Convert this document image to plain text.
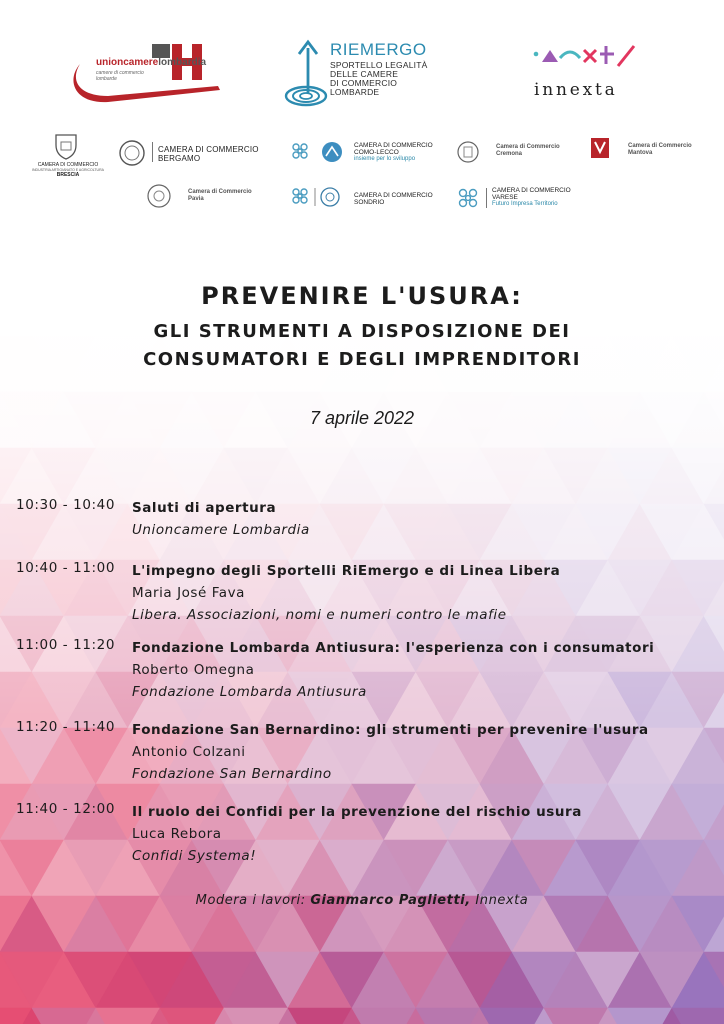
unioncamerelombardia
camere di commercio lombarde
RIEMERGO
SPORTELLO LEGALITÀ
DELLE CAMERE
DI COMMERCIO
LOMBARDE	innexta
CAMERA DI COMMERCIO
INDUSTRIA ARTIGIANATO E AGRICOLTURA
BRESCIA
CAMERA DI COMMERCIO
BERGAMO
CAMERA DI COMMERCIO
COMO-LECCO
insieme per lo sviluppo
Camera di Commercio
Cremona
Camera di Commercio
Mantova
Camera di Commercio
Pavia	CAMERA DI COMMERCIO
SONDRIO
CAMERA DI COMMERCIO
VARESE
Futuro Impresa Territorio
PREVENIRE L'USURA:
GLI STRUMENTI A DISPOSIZIONE DEI
CONSUMATORI E DEGLI IMPRENDITORI
7 aprile 2022
10:30 - 10:40 Saluti di apertura
Unioncamere Lombardia
10:40 - 11:00 L'impegno degli Sportelli RiEmergo e di Linea Libera
Maria José Fava
Libera. Associazioni, nomi e numeri contro le mafie
11:00 - 11:20 Fondazione Lombarda Antiusura: l'esperienza con i consumatori
Roberto Omegna
Fondazione Lombarda Antiusura
11:20 - 11:40 Fondazione San Bernardino: gli strumenti per prevenire l'usura
Antonio Colzani
Fondazione San Bernardino
11:40 - 12:00 Il ruolo dei Confidi per la prevenzione del rischio usura
Luca Rebora
Confidi Systema!
Modera i lavori: Gianmarco Paglietti, Innexta
